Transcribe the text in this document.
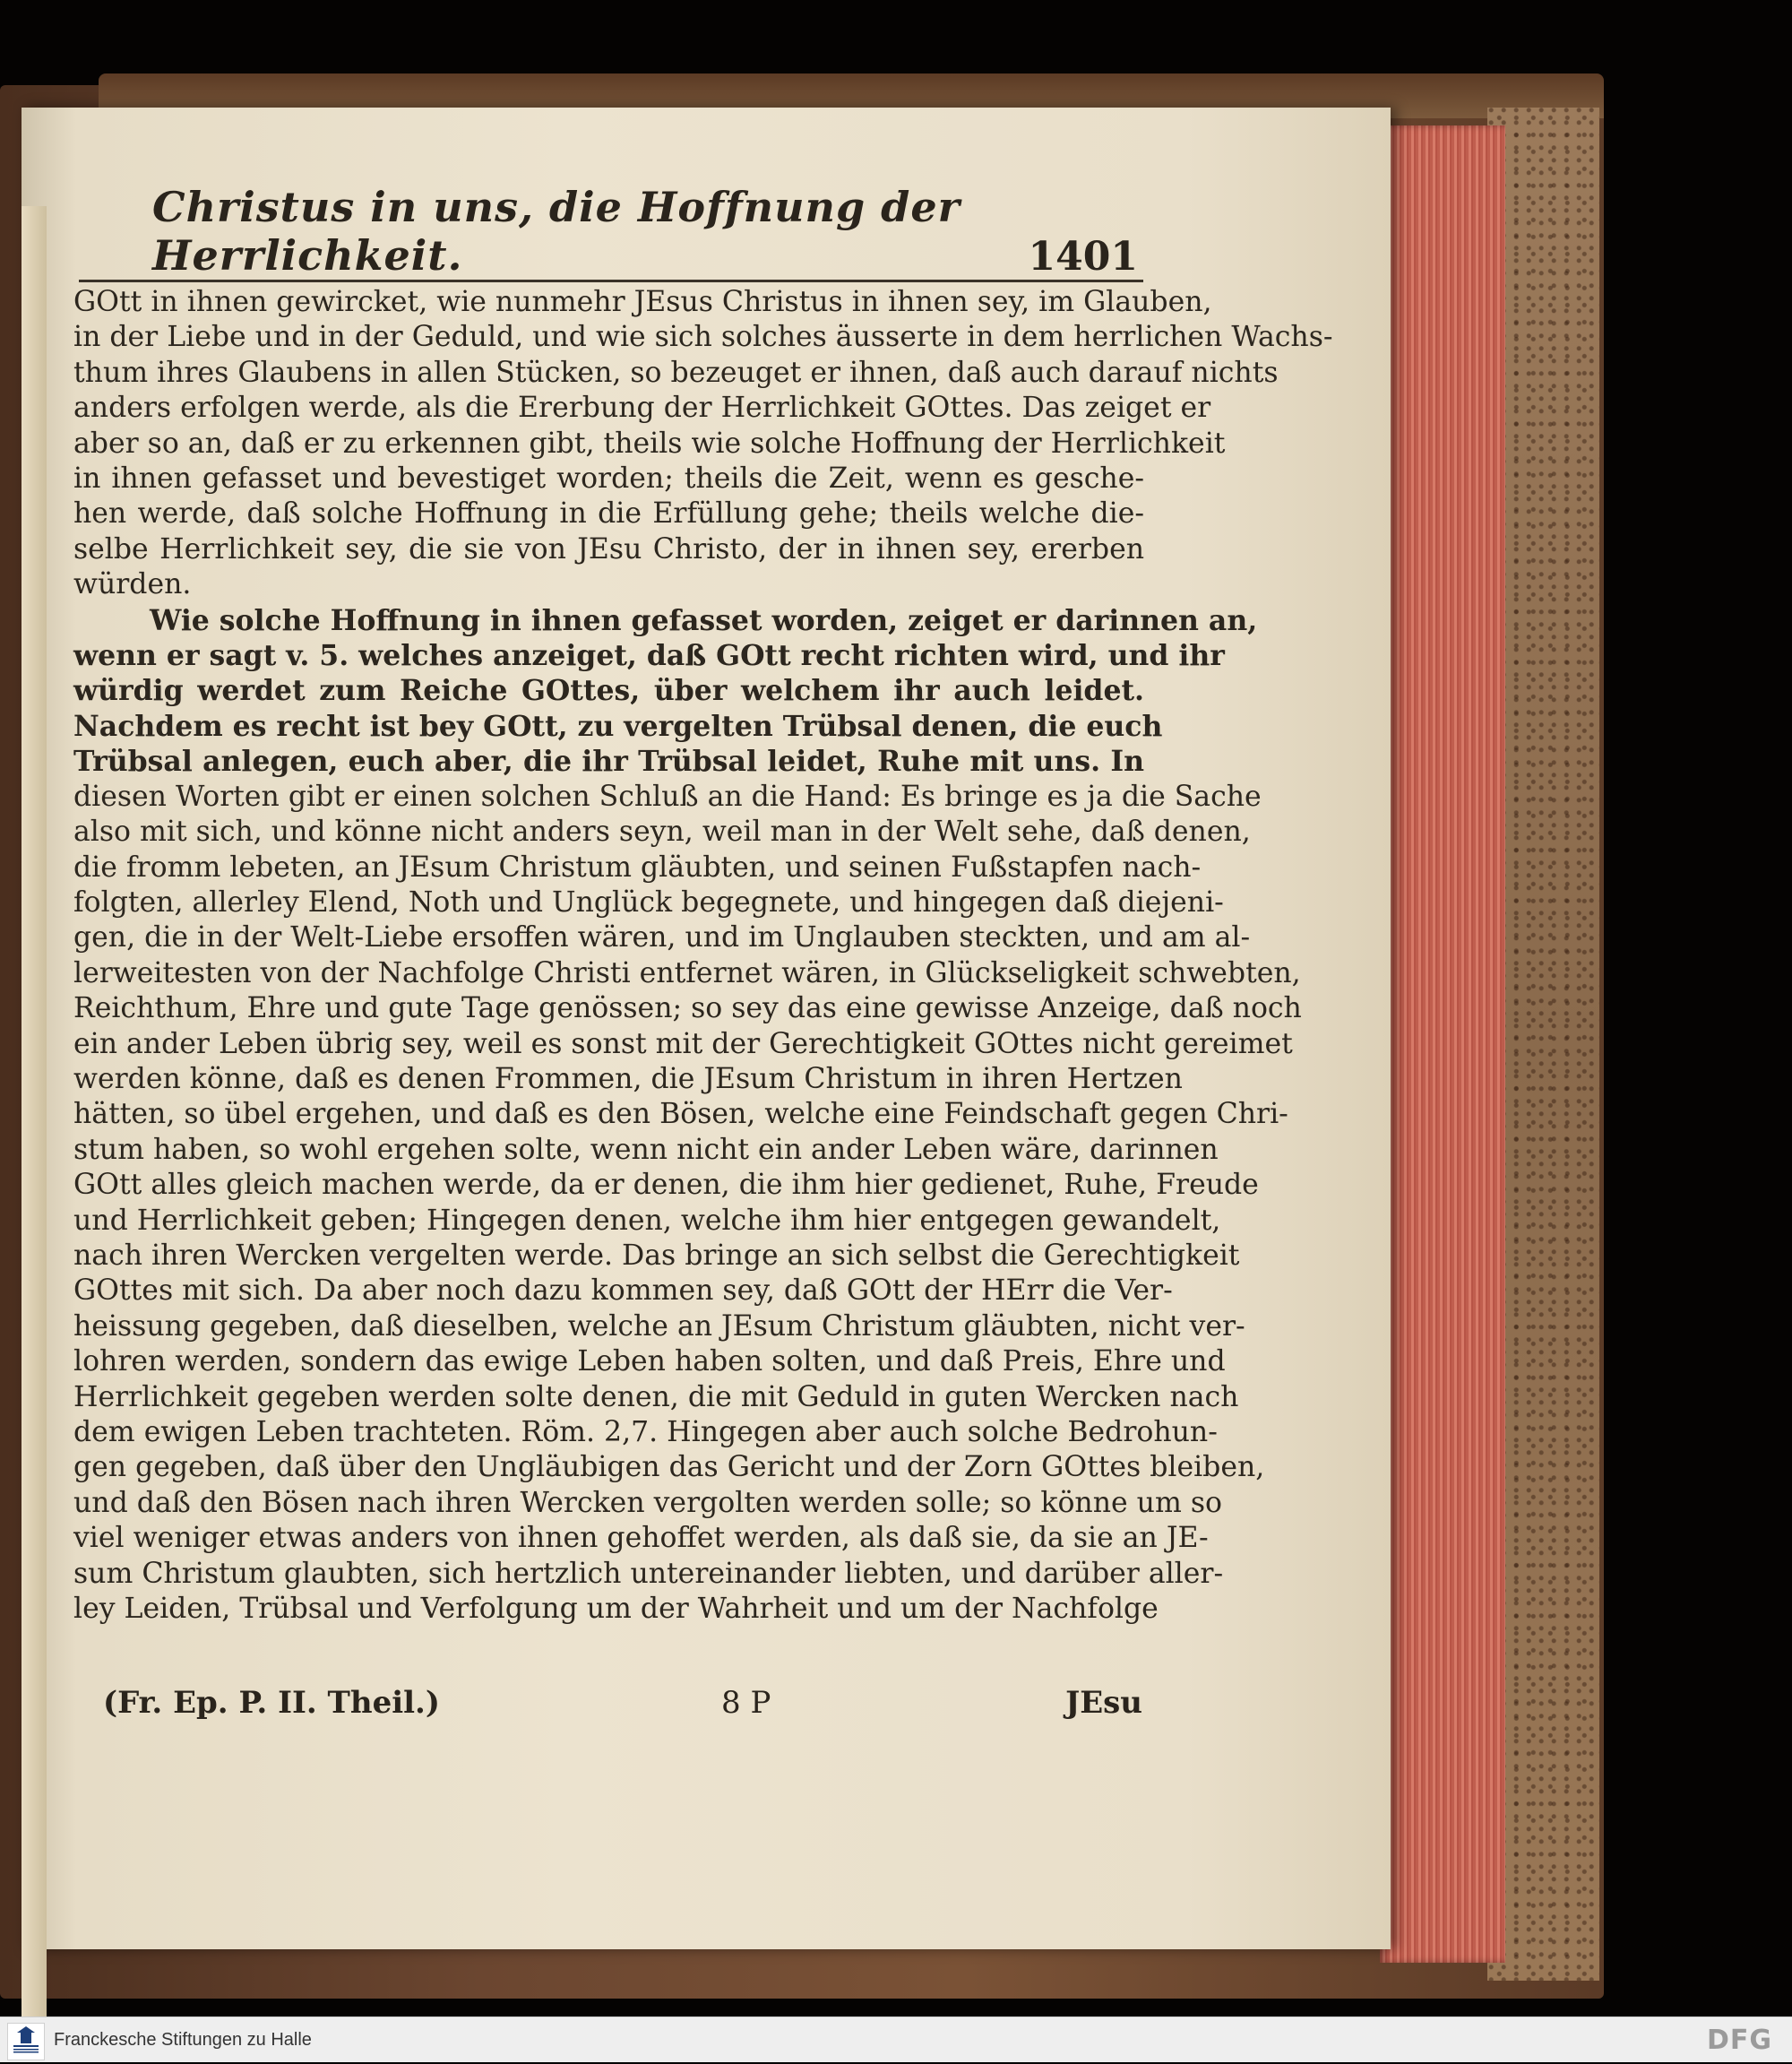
Christus in uns, die Hoffnung der Herrlichkeit.	1401
GOtt in ihnen gewircket, wie nunmehr JEsus Christus in ihnen sey, im Glauben,
in der Liebe und in der Geduld, und wie sich solches äusserte in dem herrlichen Wachs-
thum ihres Glaubens in allen Stücken, so bezeuget er ihnen, daß auch darauf nichts
anders erfolgen werde, als die Ererbung der Herrlichkeit GOttes. Das zeiget er
aber so an, daß er zu erkennen gibt, theils wie solche Hoffnung der Herrlichkeit
in ihnen gefasset und bevestiget worden; theils die Zeit, wenn es gesche-
hen werde, daß solche Hoffnung in die Erfüllung gehe; theils welche die-
selbe Herrlichkeit sey, die sie von JEsu Christo, der in ihnen sey, ererben
würden.
Wie solche Hoffnung in ihnen gefasset worden, zeiget er darinnen an,
wenn er sagt v. 5. welches anzeiget, daß GOtt recht richten wird, und ihr
würdig werdet zum Reiche GOttes, über welchem ihr auch leidet.
Nachdem es recht ist bey GOtt, zu vergelten Trübsal denen, die euch
Trübsal anlegen, euch aber, die ihr Trübsal leidet, Ruhe mit uns. In
diesen Worten gibt er einen solchen Schluß an die Hand: Es bringe es ja die Sache
also mit sich, und könne nicht anders seyn, weil man in der Welt sehe, daß denen,
die fromm lebeten, an JEsum Christum gläubten, und seinen Fußstapfen nach-
folgten, allerley Elend, Noth und Unglück begegnete, und hingegen daß diejeni-
gen, die in der Welt-Liebe ersoffen wären, und im Unglauben steckten, und am al-
lerweitesten von der Nachfolge Christi entfernet wären, in Glückseligkeit schwebten,
Reichthum, Ehre und gute Tage genössen; so sey das eine gewisse Anzeige, daß noch
ein ander Leben übrig sey, weil es sonst mit der Gerechtigkeit GOttes nicht gereimet
werden könne, daß es denen Frommen, die JEsum Christum in ihren Hertzen
hätten, so übel ergehen, und daß es den Bösen, welche eine Feindschaft gegen Chri-
stum haben, so wohl ergehen solte, wenn nicht ein ander Leben wäre, darinnen
GOtt alles gleich machen werde, da er denen, die ihm hier gedienet, Ruhe, Freude
und Herrlichkeit geben; Hingegen denen, welche ihm hier entgegen gewandelt,
nach ihren Wercken vergelten werde. Das bringe an sich selbst die Gerechtigkeit
GOttes mit sich. Da aber noch dazu kommen sey, daß GOtt der HErr die Ver-
heissung gegeben, daß dieselben, welche an JEsum Christum gläubten, nicht ver-
lohren werden, sondern das ewige Leben haben solten, und daß Preis, Ehre und
Herrlichkeit gegeben werden solte denen, die mit Geduld in guten Wercken nach
dem ewigen Leben trachteten. Röm. 2,7. Hingegen aber auch solche Bedrohun-
gen gegeben, daß über den Ungläubigen das Gericht und der Zorn GOttes bleiben,
und daß den Bösen nach ihren Wercken vergolten werden solle; so könne um so
viel weniger etwas anders von ihnen gehoffet werden, als daß sie, da sie an JE-
sum Christum glaubten, sich hertzlich untereinander liebten, und darüber aller-
ley Leiden, Trübsal und Verfolgung um der Wahrheit und um der Nachfolge
(Fr. Ep. P. II. Theil.)	8 P	JEsu
Franckesche Stiftungen zu Halle	DFG
